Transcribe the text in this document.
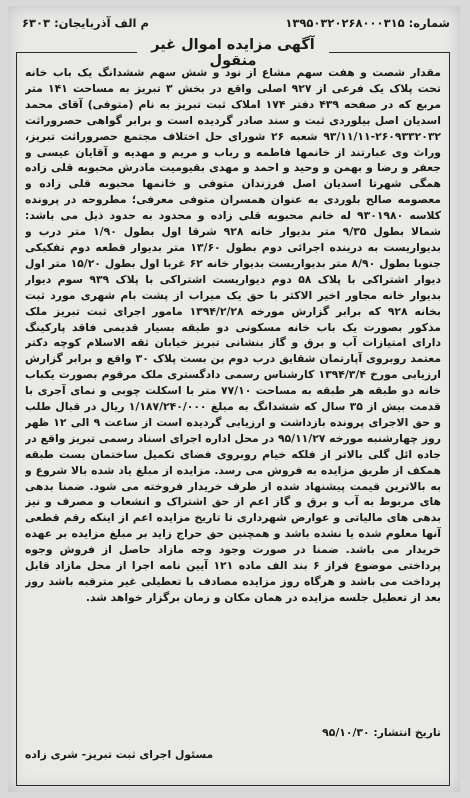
شماره: ۱۳۹۵۰۳۲۰۲۶۸۰۰۰۳۱۵
م الف آذربایجان: ۶۳۰۳
آگهی مزایده اموال غیر منقول

مقدار شصت و هفت سهم مشاع از نود و شش سهم ششدانگ یک باب خانه تحت پلاک یک فرعی از ۹۲۷ اصلی واقع در بخش ۳ تبریز به مساحت ۱۴۱ متر مربع که در صفحه ۴۳۹ دفتر ۱۷۴ املاک ثبت تبریز به نام (متوفی) آقای محمد اسدیان اصل بیلوردی ثبت و سند صادر گردیده است و برابر گواهی حصروراثت ۲۶۰۹۳۳۲۰۳۲-۹۳/۱۱/۱۱ شعبه ۲۶ شورای حل اختلاف مجتمع حصروراثت تبریز، وراث وی عبارتند از خانمها فاطمه و رباب و مریم و مهدیه و آقایان عیسی و جعفر و رضا و بهمن و وحید و احمد و مهدی بقیومیت مادرش محبوبه قلی زاده همگی شهرتا اسدیان اصل فرزندان متوفی و خانمها محبوبه قلی زاده و معصومه صالح بلوردی به عنوان همسران متوفی معرفی؛ مطروحه در پرونده کلاسه ۹۳۰۱۹۸۰ له خانم محبوبه قلی زاده و محدود به حدود ذیل می باشد: شمالا بطول ۹/۳۵ متر بدیوار خانه ۹۲۸ شرقا اول بطول ۱/۹۰ متر درب و بدیواریست به درینده اجرائی دوم بطول ۱۳/۶۰ متر بدیوار قطعه دوم تفکیکی جنوبا بطول ۸/۹۰ متر بدیواریست بدیوار خانه ۶۲ غربا اول بطول ۱۵/۲۰ متر اول دیوار اشتراکی با پلاک ۵۸ دوم دیواریست اشتراکی با پلاک ۹۳۹ سوم دیوار بدیوار خانه مجاور اخیر الاکثر با حق یک میراب از پشت بام شهری مورد ثبت بخانه ۹۲۸ که برابر گزارش مورخه ۱۳۹۴/۲/۲۸ مامور اجرای ثبت تبریز ملک مذکور بصورت یک باب خانه مسکونی دو طبقه بسیار قدیمی فاقد پارکینگ دارای امتیازات آب و برق و گاز بنشانی تبریز خیابان ثقه الاسلام کوچه دکتر معتمد روبروی آپارتمان شقایق درب دوم بن بست پلاک ۳۰ واقع و برابر گزارش ارزیابی مورخ ۱۳۹۴/۳/۴ کارشناس رسمی دادگستری ملک مرقوم بصورت یکباب خانه دو طبقه هر طبقه به مساحت ۷۷/۱۰ متر با اسکلت چوبی و نمای آجری با قدمت بیش از ۳۵ سال که ششدانگ به مبلغ ۱/۱۸۷/۲۴۰/۰۰۰ ریال در قبال طلب و حق الاجرای پرونده بازداشت و ارزیابی گردیده است از ساعت ۹ الی ۱۲ ظهر روز چهارشنبه مورخه ۹۵/۱۱/۲۷ در محل اداره اجرای اسناد رسمی تبریز واقع در جاده ائل گلی بالاتر از فلکه خیام روبروی فضای تکمیل ساختمان بست طبقه همکف از طریق مزایده به فروش می رسد. مزایده از مبلغ یاد شده بالا شروع و به بالاترین قیمت پیشنهاد شده از طرف خریدار فروخته می شود. ضمنا بدهی های مربوط به آب و برق و گاز اعم از حق اشتراک و انشعاب و مصرف و نیز بدهی های مالیاتی و عوارض شهرداری تا تاریخ مزایده اعم از اینکه رقم قطعی آنها معلوم شده یا نشده باشد و همچنین حق حراج زاید بر مبلغ مزایده بر عهده خریدار می باشد. ضمنا در صورت وجود وجه مازاد حاصل از فروش وجوه پرداختی موضوع فراز ۶ بند الف ماده ۱۲۱ آیین نامه اجرا از محل مازاد قابل پرداخت می باشد و هرگاه روز مزایده مصادف با تعطیلی غیر مترقبه باشد روز بعد از تعطیل جلسه مزایده در همان مکان و زمان برگزار خواهد شد.

تاریخ انتشار: ۹۵/۱۰/۳۰
مسئول اجرای ثبت تبریز- شری زاده
